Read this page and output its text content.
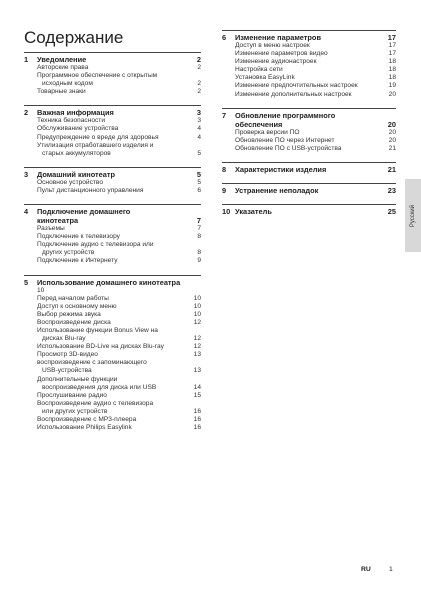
Содержание
1	Уведомление	2
Авторские права	2
Программное обеспечение с открытым
исходным кодом	2
Товарные знаки	2
2	Важная информация	3
Техника безопасности	3
Обслуживание устройства	4
Предупреждение о вреде для здоровья	4
Утилизация отработавшего изделия и
старых аккумуляторов	5
3	Домашний кинотеатр	5
Основное устройство	5
Пульт дистанционного управления	6
4	Подключение домашнего
кинотеатра	7
Разъемы	7
Подключение к телевизору	8
Подключение аудио с телевизора или
других устройств	8
Подключение к Интернету	9
5	Использование домашнего кинотеатра
10
Перед началом работы	10
Доступ к основному меню	10
Выбор режима звука	10
Воспроизведение диска	12
Использование функции Bonus View на
дисках Blu-ray	12
Использование BD-Live на дисках Blu-ray	12
Просмотр 3D-видео	13
воспроизведение с запоминающего
USB-устройства	13
Дополнительные функции
воспроизведения для диска или USB	14
Прослушивание радио	15
Воспроизведение аудио с телевизора
или других устройств	16
Воспроизведение с MP3-плеера	16
Использование Philips Easylink	16
6	Изменение параметров	17
Доступ в меню настроек	17
Изменение параметров видео	17
Изменение аудионастроек	18
Настройка сети	18
Установка EasyLink	18
Изменение предпочтительных настроек	19
Изменение дополнительных настроек	20
7	Обновление программного
обеспечения	20
Проверка версии ПО	20
Обновление ПО через Интернет	20
Обновление ПО с USB-устройства	21
8	Характеристики изделия	21
9	Устранение неполадок	23
10 Указатель	25 Русский
RU	1
